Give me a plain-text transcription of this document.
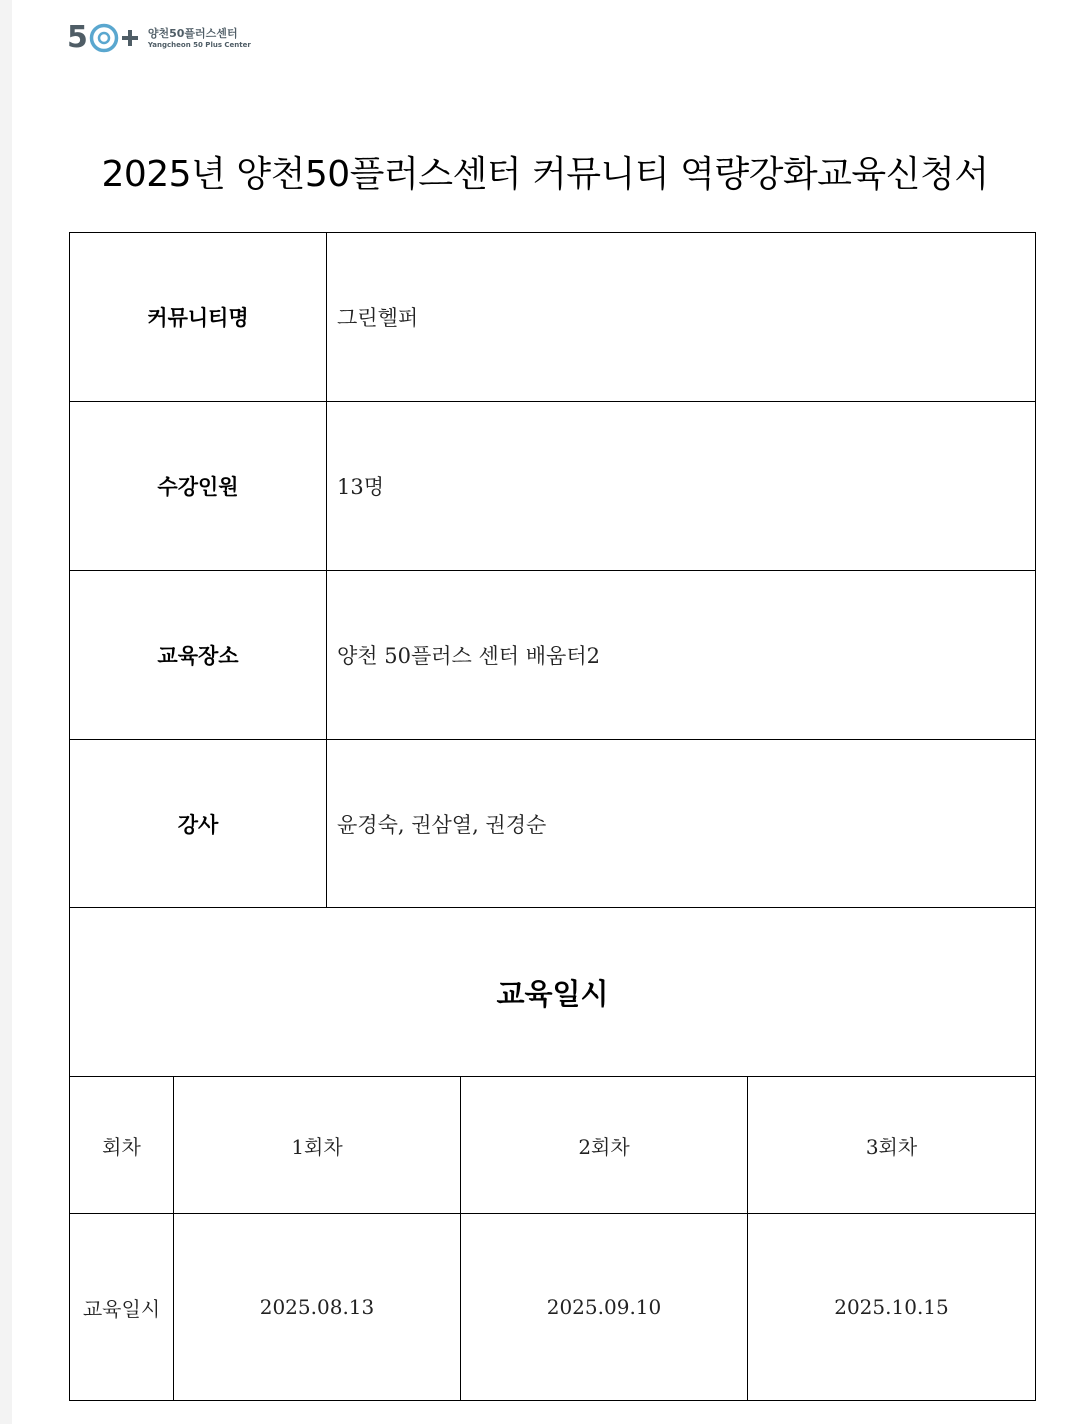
5	양천50플러스센터
Yangcheon 50 Plus Center
2025년 양천50플러스센터 커뮤니티 역량강화교육신청서
커뮤니티명	그린헬퍼
수강인원	13명
교육장소	양천 50플러스 센터 배움터2
강사	윤경숙, 권삼열, 권경순
교육일시
회차	1회차	2회차	3회차
교육일시	2025.08.13	2025.09.10	2025.10.15
